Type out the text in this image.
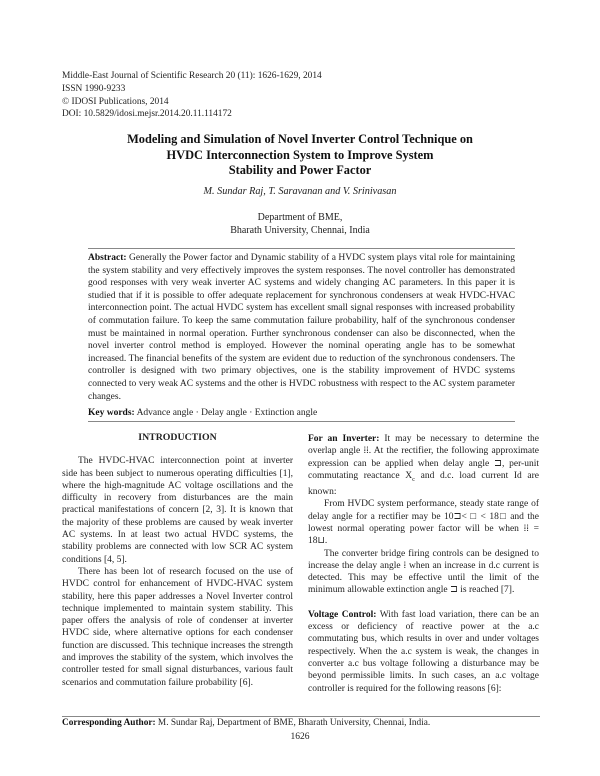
Middle-East Journal of Scientific Research 20 (11): 1626-1629, 2014
ISSN 1990-9233
© IDOSI Publications, 2014
DOI: 10.5829/idosi.mejsr.2014.20.11.114172
Modeling and Simulation of Novel Inverter Control Technique on
HVDC Interconnection System to Improve System
Stability and Power Factor
M. Sundar Raj, T. Saravanan and V. Srinivasan
Department of BME,
Bharath University, Chennai, India
Abstract: Generally the Power factor and Dynamic stability of a HVDC system plays vital role for maintaining the system stability and very effectively improves the system responses. The novel controller has demonstrated good responses with very weak inverter AC systems and widely changing AC parameters. In this paper it is studied that if it is possible to offer adequate replacement for synchronous condensers at weak HVDC-HVAC interconnection point. The actual HVDC system has excellent small signal responses with increased probability of commutation failure. To keep the same commutation failure probability, half of the synchronous condenser must be maintained in normal operation. Further synchronous condenser can also be disconnected, when the novel inverter control method is employed. However the nominal operating angle has to be somewhat increased. The financial benefits of the system are evident due to reduction of the synchronous condensers. The controller is designed with two primary objectives, one is the stability improvement of HVDC systems connected to very weak AC systems and the other is HVDC robustness with respect to the AC system parameter changes.
Key words: Advance angle · Delay angle · Extinction angle
INTRODUCTION

The HVDC-HVAC interconnection point at inverter side has been subject to numerous operating difficulties [1], where the high-magnitude AC voltage oscillations and the difficulty in recovery from disturbances are the main practical manifestations of concern [2, 3]. It is known that the majority of these problems are caused by weak inverter AC systems. In at least two actual HVDC systems, the stability problems are connected with low SCR AC system conditions [4, 5].

There has been lot of research focused on the use of HVDC control for enhancement of HVDC-HVAC system stability, here this paper addresses a Novel Inverter control technique implemented to maintain system stability. This paper offers the analysis of role of condenser at inverter HVDC side, where alternative options for each condenser function are discussed. This technique increases the strength and improves the stability of the system, which involves the controller tested for small signal disturbances, various fault scenarios and commutation failure probability [6].

For an Inverter: It may be necessary to determine the overlap angle ⁞⁞. At the rectifier, the following approximate expression can be applied when delay angle ⊐, per-unit commutating reactance $X_c$ and d.c. load current Id are known:

From HVDC system performance, steady state range of delay angle for a rectifier may be 10⊐< □ < 18□ and the lowest normal operating power factor will be when ⁞⁞ = 18⊔.

The converter bridge firing controls can be designed to increase the delay angle ⁞ when an increase in d.c current is detected. This may be effective until the limit of the minimum allowable extinction angle ⊐ is reached [7].

Voltage Control: With fast load variation, there can be an excess or deficiency of reactive power at the a.c commutating bus, which results in over and under voltages respectively. When the a.c system is weak, the changes in converter a.c bus voltage following a disturbance may be beyond permissible limits. In such cases, an a.c voltage controller is required for the following reasons [6]:

Corresponding Author: M. Sundar Raj, Department of BME, Bharath University, Chennai, India.
1626
